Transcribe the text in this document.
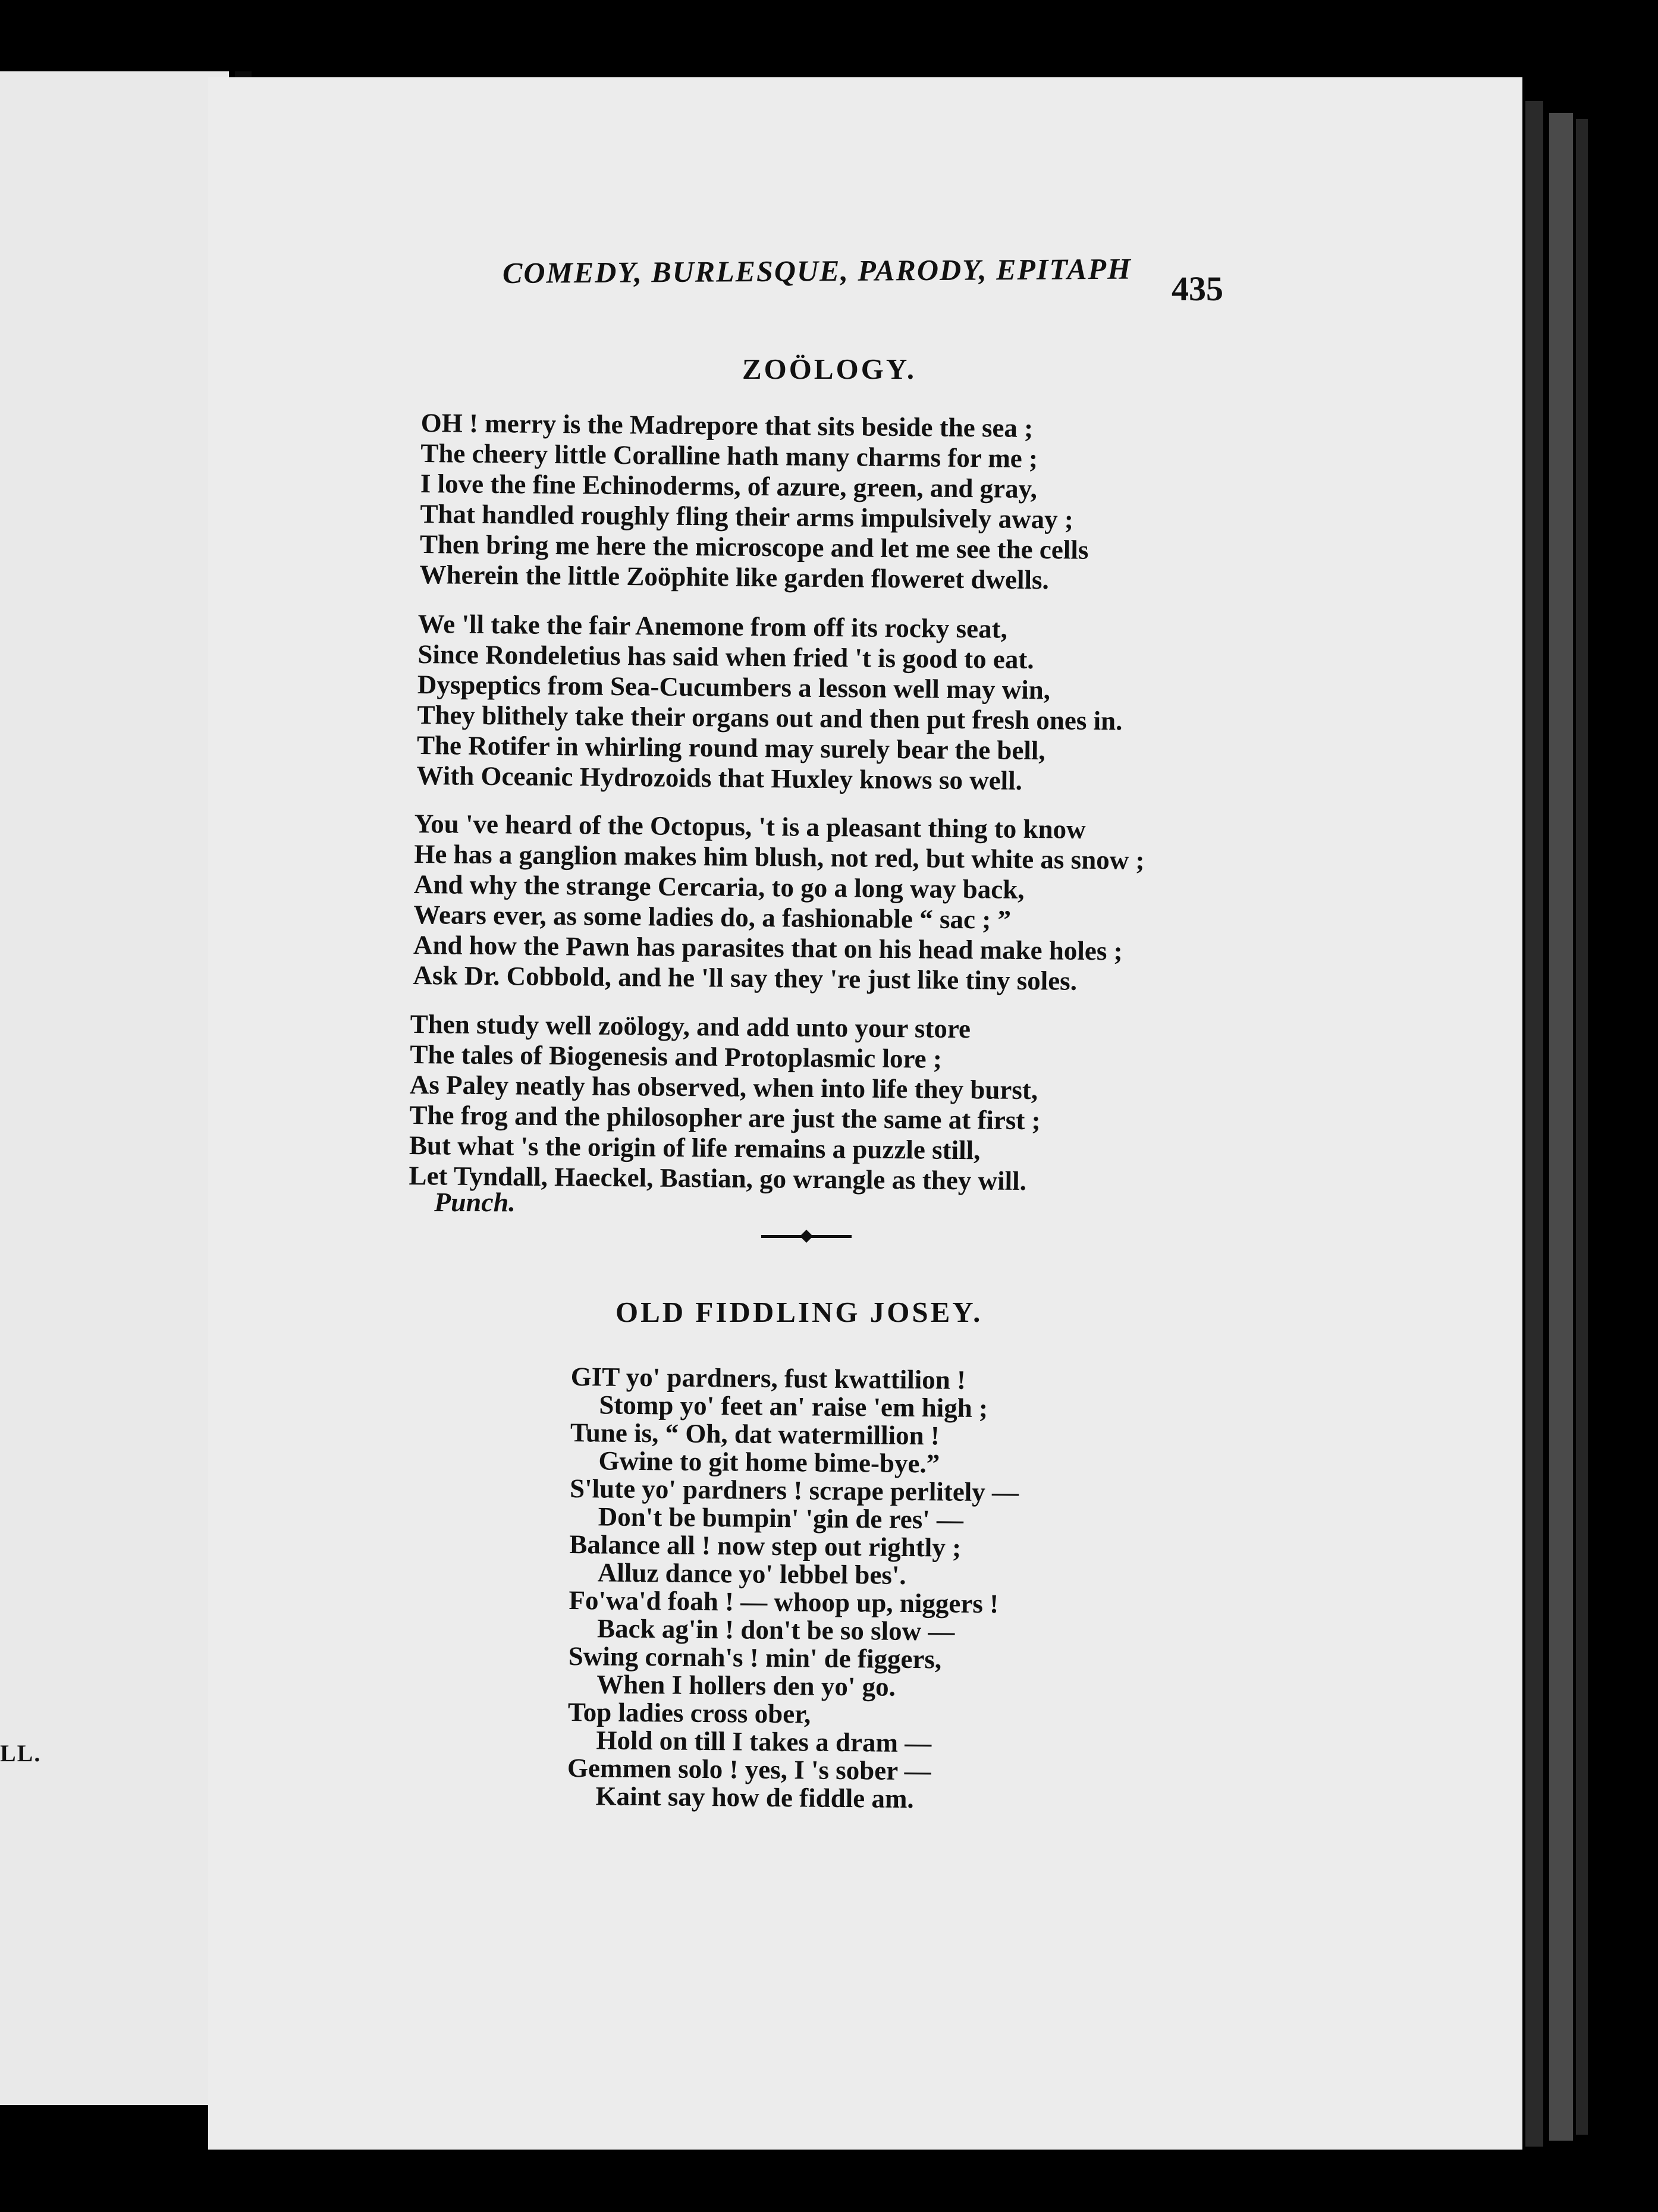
LL.
COMEDY, BURLESQUE, PARODY, EPITAPH 435
ZOÖLOGY.
OH ! merry is the Madrepore that sits beside the sea ;
The cheery little Coralline hath many charms for me ;
I love the fine Echinoderms, of azure, green, and gray,
That handled roughly fling their arms impulsively away ;
Then bring me here the microscope and let me see the cells
Wherein the little Zoöphite like garden floweret dwells.
We 'll take the fair Anemone from off its rocky seat,
Since Rondeletius has said when fried 't is good to eat.
Dyspeptics from Sea-Cucumbers a lesson well may win,
They blithely take their organs out and then put fresh ones in.
The Rotifer in whirling round may surely bear the bell,
With Oceanic Hydrozoids that Huxley knows so well.
You 've heard of the Octopus, 't is a pleasant thing to know
He has a ganglion makes him blush, not red, but white as snow ;
And why the strange Cercaria, to go a long way back,
Wears ever, as some ladies do, a fashionable “ sac ; ”
And how the Pawn has parasites that on his head make holes ;
Ask Dr. Cobbold, and he 'll say they 're just like tiny soles.
Then study well zoölogy, and add unto your store
The tales of Biogenesis and Protoplasmic lore ;
As Paley neatly has observed, when into life they burst,
The frog and the philosopher are just the same at first ;
But what 's the origin of life remains a puzzle still,
Let Tyndall, Haeckel, Bastian, go wrangle as they will.
Punch.
OLD FIDDLING JOSEY.
GIT yo' pardners, fust kwattilion !
Stomp yo' feet an' raise 'em high ;
Tune is, “ Oh, dat watermillion !
Gwine to git home bime-bye.”
S'lute yo' pardners ! scrape perlitely —
Don't be bumpin' 'gin de res' —
Balance all ! now step out rightly ;
Alluz dance yo' lebbel bes'.
Fo'wa'd foah ! — whoop up, niggers !
Back ag'in ! don't be so slow —
Swing cornah's ! min' de figgers,
When I hollers den yo' go.
Top ladies cross ober,
Hold on till I takes a dram —
Gemmen solo ! yes, I 's sober —
Kaint say how de fiddle am.
